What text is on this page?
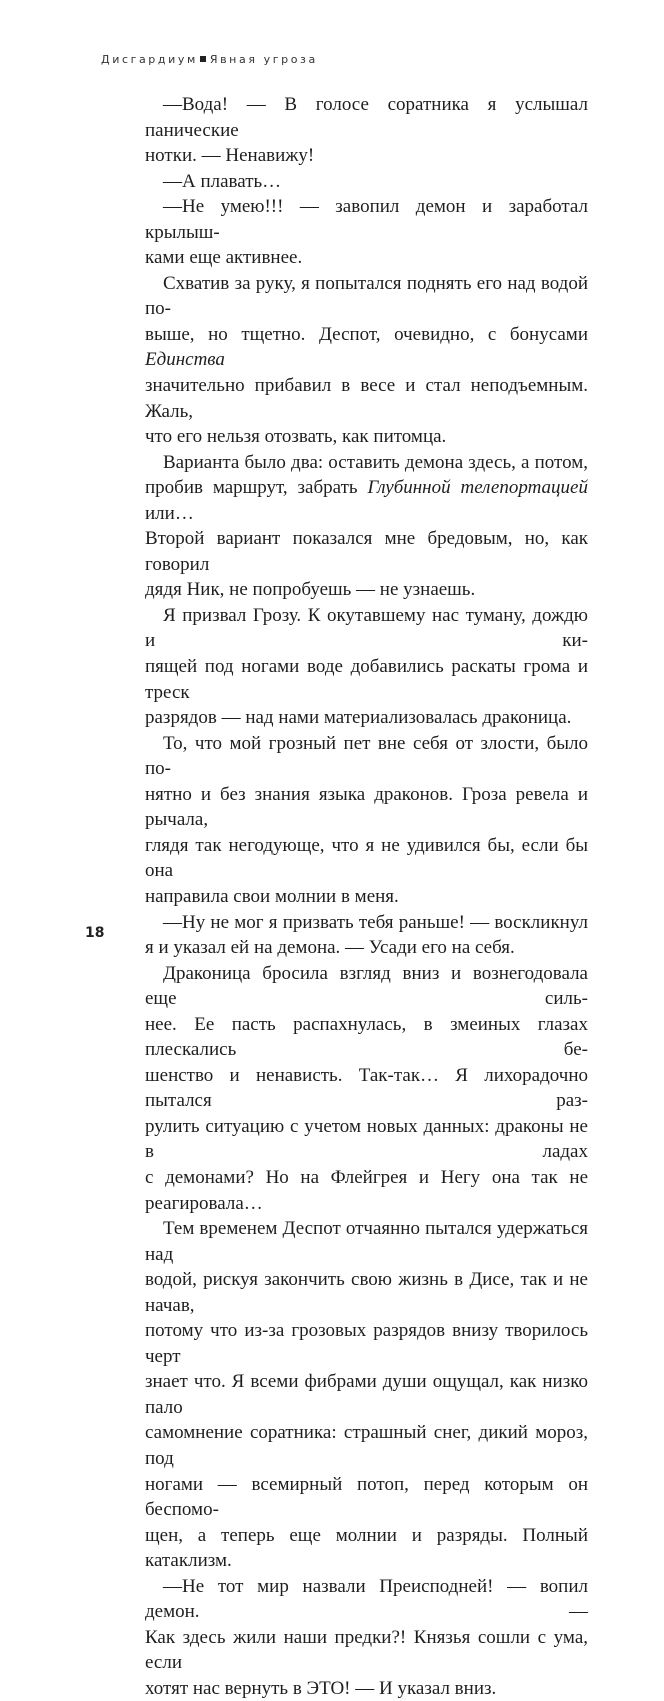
Дисгардиум Явная угроза
—Вода! — В голосе соратника я услышал панические
нотки. — Ненавижу!
—А плавать…
—Не умею!!! — завопил демон и заработал крылыш-
ками еще активнее.
Схватив за руку, я попытался поднять его над водой по-
выше, но тщетно. Деспот, очевидно, с бонусами Единства
значительно прибавил в весе и стал неподъемным. Жаль,
что его нельзя отозвать, как питомца.
Варианта было два: оставить демона здесь, а потом,
пробив маршрут, забрать Глубинной телепортацией или…
Второй вариант показался мне бредовым, но, как говорил
дядя Ник, не попробуешь — не узнаешь.
Я призвал Грозу. К окутавшему нас туману, дождю и ки-
пящей под ногами воде добавились раскаты грома и треск
разрядов — над нами материализовалась драконица.
То, что мой грозный пет вне себя от злости, было по-
нятно и без знания языка драконов. Гроза ревела и рычала,
глядя так негодующе, что я не удивился бы, если бы она
направила свои молнии в меня.
—Ну не мог я призвать тебя раньше! — воскликнул
я и указал ей на демона. — Усади его на себя.
Драконица бросила взгляд вниз и вознегодовала еще силь-
нее. Ее пасть распахнулась, в змеиных глазах плескались бе-
шенство и ненависть. Так-так… Я лихорадочно пытался раз-
рулить ситуацию с учетом новых данных: драконы не в ладах
с демонами? Но на Флейгрея и Негу она так не реагировала…
Тем временем Деспот отчаянно пытался удержаться над
водой, рискуя закончить свою жизнь в Дисе, так и не начав,
потому что из-за грозовых разрядов внизу творилось черт
знает что. Я всеми фибрами души ощущал, как низко пало
самомнение соратника: страшный снег, дикий мороз, под
ногами — всемирный потоп, перед которым он беспомо-
щен, а теперь еще молнии и разряды. Полный катаклизм.
—Не тот мир назвали Преисподней! — вопил демон. —
Как здесь жили наши предки?! Князья сошли с ума, если
хотят нас вернуть в ЭТО! — И указал вниз.
18
